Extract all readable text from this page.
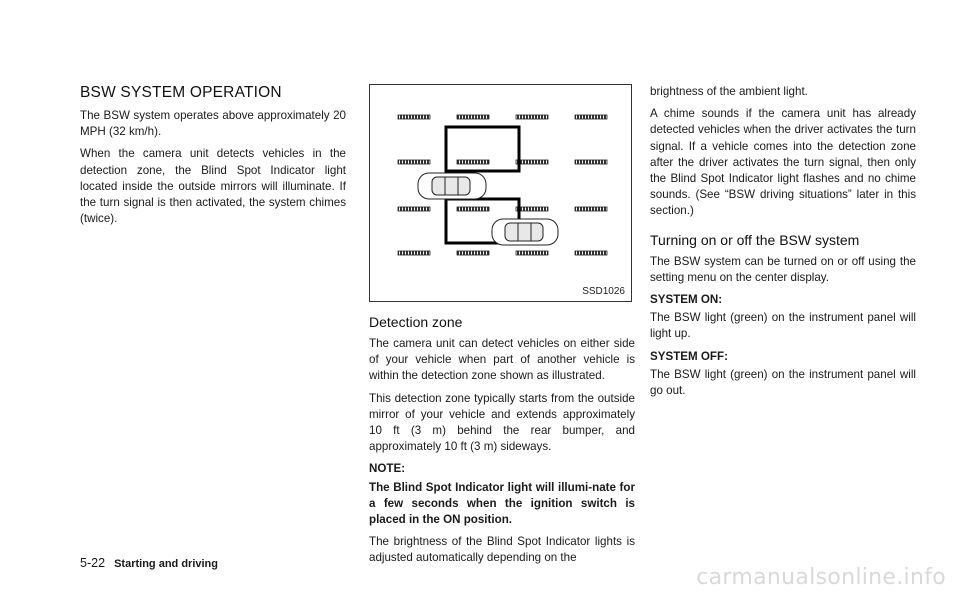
BSW SYSTEM OPERATION

The BSW system operates above approximately 20 MPH (32 km/h).

When the camera unit detects vehicles in the detection zone, the Blind Spot Indicator light located inside the outside mirrors will illuminate. If the turn signal is then activated, the system chimes (twice).

SSD1026
Detection zone

The camera unit can detect vehicles on either side of your vehicle when part of another vehicle is within the detection zone shown as illustrated.

This detection zone typically starts from the outside mirror of your vehicle and extends approximately 10 ft (3 m) behind the rear bumper, and approximately 10 ft (3 m) sideways.

NOTE:

The Blind Spot Indicator light will illumi-nate for a few seconds when the ignition switch is placed in the ON position.

The brightness of the Blind Spot Indicator lights is adjusted automatically depending on the

brightness of the ambient light.

A chime sounds if the camera unit has already detected vehicles when the driver activates the turn signal. If a vehicle comes into the detection zone after the driver activates the turn signal, then only the Blind Spot Indicator light flashes and no chime sounds. (See “BSW driving situations” later in this section.)

Turning on or off the BSW system

The BSW system can be turned on or off using the setting menu on the center display.

SYSTEM ON:

The BSW light (green) on the instrument panel will light up.

SYSTEM OFF:

The BSW light (green) on the instrument panel will go out.

5-22 Starting and driving
carmanualsonline.info
